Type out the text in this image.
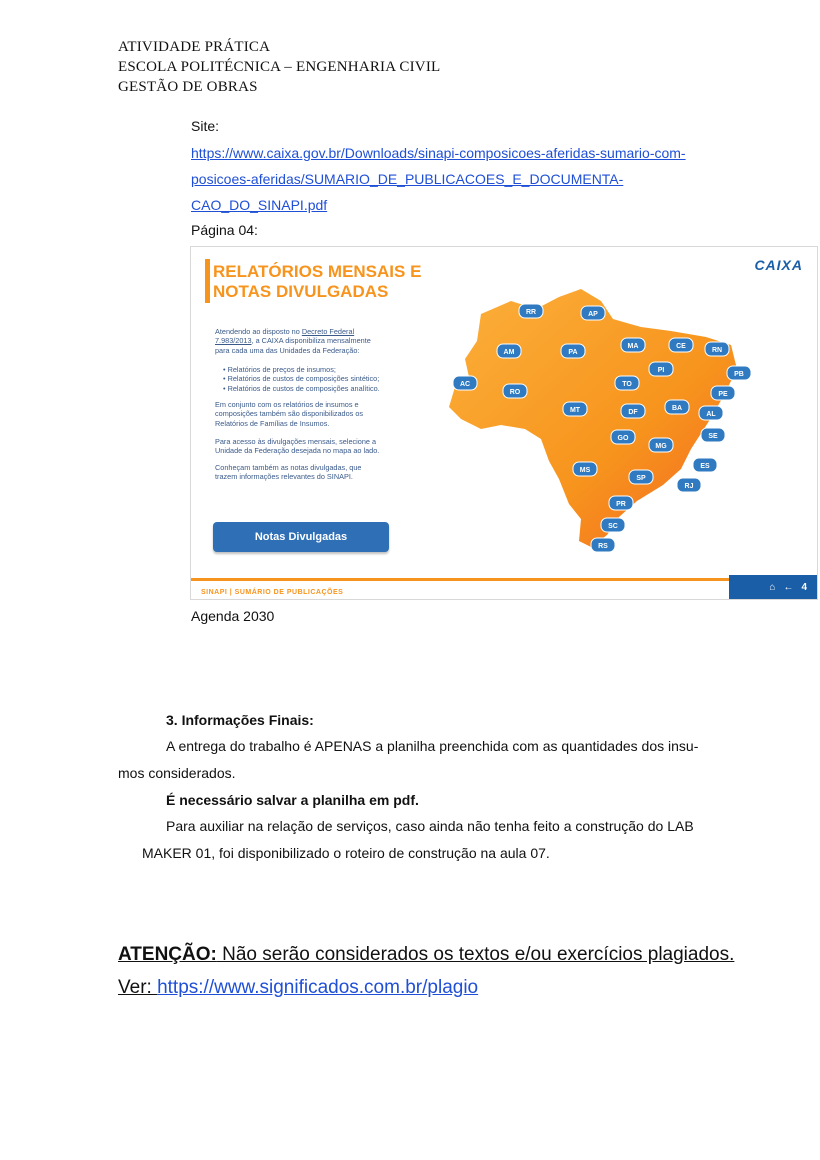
ATIVIDADE PRÁTICA
ESCOLA POLITÉCNICA – ENGENHARIA CIVIL
GESTÃO DE OBRAS
Site:
https://www.caixa.gov.br/Downloads/sinapi-composicoes-aferidas-sumario-com-
posicoes-aferidas/SUMARIO_DE_PUBLICACOES_E_DOCUMENTA-
CAO_DO_SINAPI.pdf
Página 04:
RELATÓRIOS MENSAIS E
NOTAS DIVULGADAS
CAIXA
Atendendo ao disposto no Decreto Federal
7.983/2013, a CAIXA disponibiliza mensalmente
para cada uma das Unidades da Federação:
• Relatórios de preços de insumos;
• Relatórios de custos de composições sintético;
• Relatórios de custos de composições analítico.
Em conjunto com os relatórios de insumos e
composições também são disponibilizados os
Relatórios de Famílias de Insumos.
Para acesso às divulgações mensais, selecione a
Unidade da Federação desejada no mapa ao lado.
Conheçam também as notas divulgadas, que
trazem informações relevantes do SINAPI.
Notas Divulgadas
RR	AP
AM	PA
MA	CE
RN
PB
PI
AC
RO
TO
PE
MT	DF
BA
AL
SE
GO
MG
ES
MS
SP
RJ
PR
SC
RS
SINAPI | SUMÁRIO DE PUBLICAÇÕES	⌂ ← 4
Agenda 2030
3. Informações Finais:
A entrega do trabalho é APENAS a planilha preenchida com as quantidades dos insu-
mos considerados.
É necessário salvar a planilha em pdf.
Para auxiliar na relação de serviços, caso ainda não tenha feito a construção do LAB
MAKER 01, foi disponibilizado o roteiro de construção na aula 07.
ATENÇÃO: Não serão considerados os textos e/ou exercícios plagiados.
Ver: https://www.significados.com.br/plagio
